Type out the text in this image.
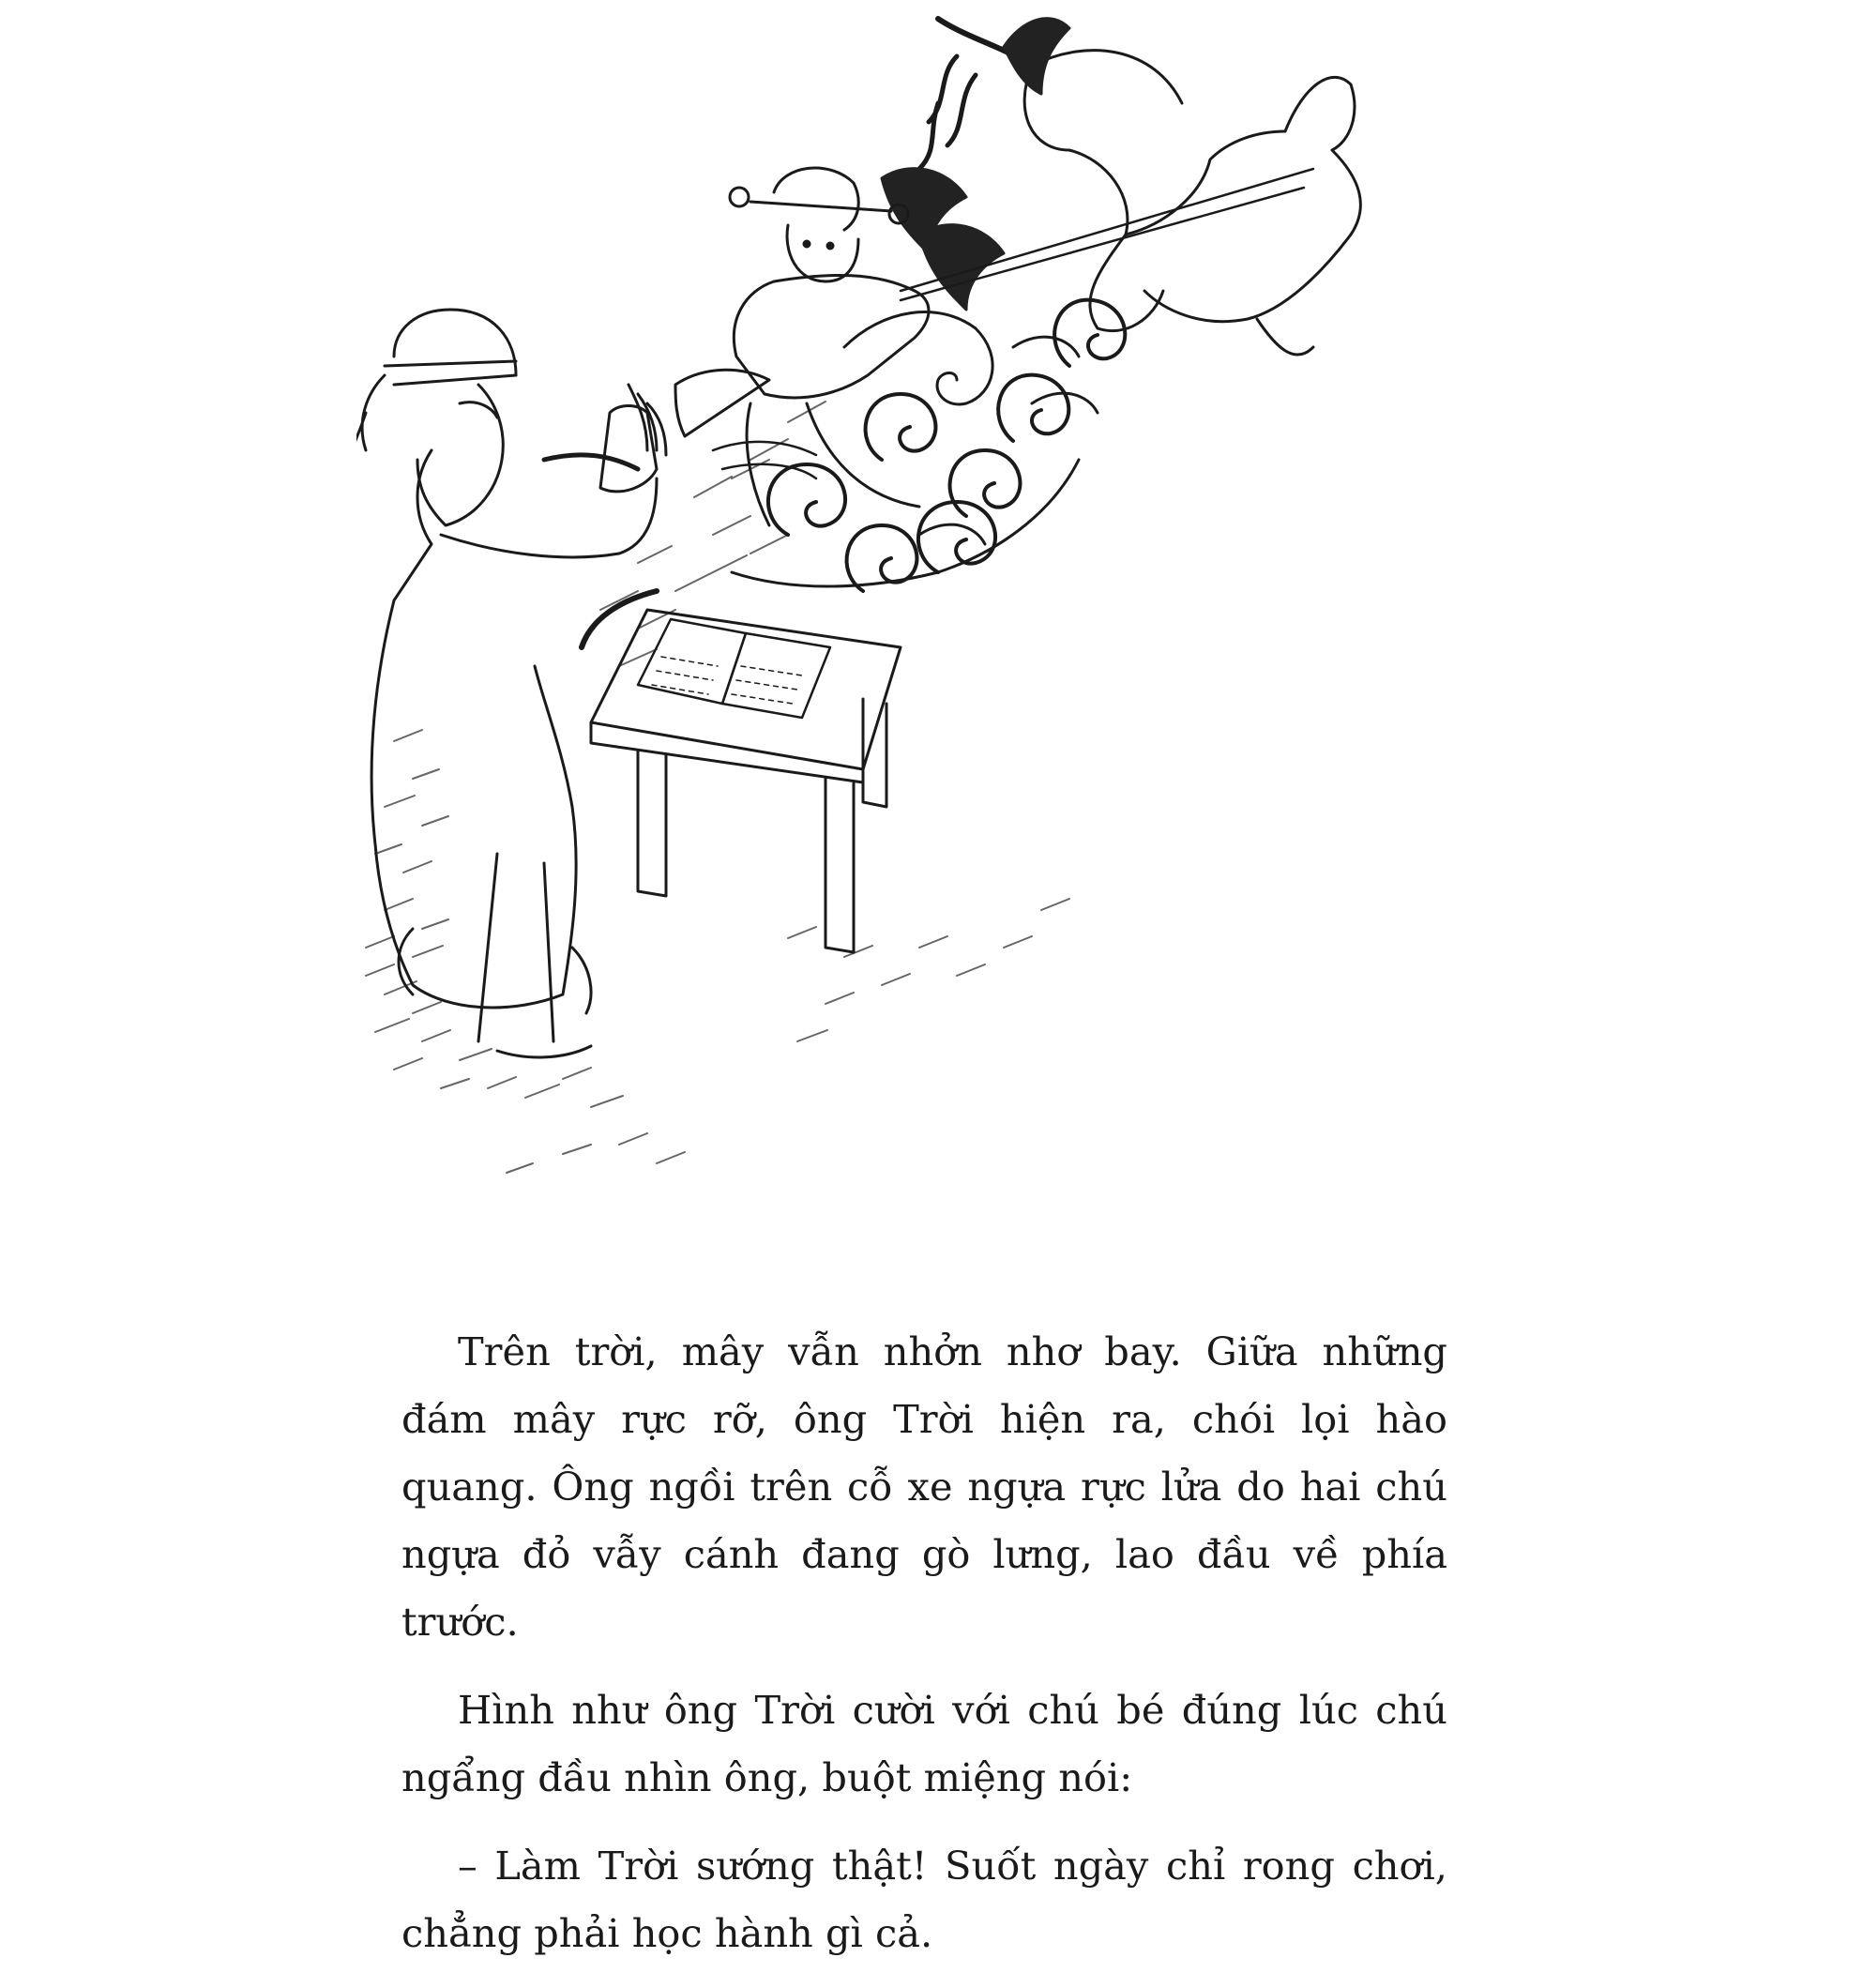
Trên trời, mây vẫn nhởn nhơ bay. Giữa những đám mây rực rỡ, ông Trời hiện ra, chói lọi hào quang. Ông ngồi trên cỗ xe ngựa rực lửa do hai chú ngựa đỏ vẫy cánh đang gò lưng, lao đầu về phía trước.

Hình như ông Trời cười với chú bé đúng lúc chú ngẩng đầu nhìn ông, buột miệng nói:

– Làm Trời sướng thật! Suốt ngày chỉ rong chơi, chẳng phải học hành gì cả.
